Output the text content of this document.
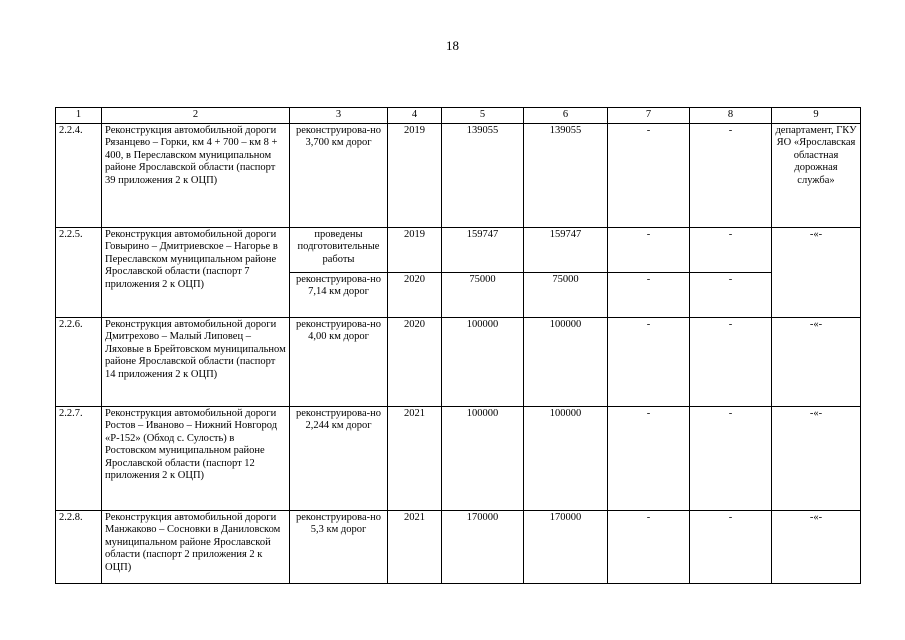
18
1	2	3	4	5	6	7	8	9
2.2.4.	Реконструкция автомобильной дороги Рязанцево – Горки, км 4 + 700 – км 8 + 400, в Переславском муниципальном районе Ярославской области (паспорт 39 приложения 2 к ОЦП)	реконструирова-но 3,700 км дорог	2019	139055	139055	-	-	департамент, ГКУ ЯО «Ярославская областная дорожная служба»
2.2.5.	Реконструкция автомобильной дороги Говырино – Дмитриевское – Нагорье в Переславском муниципальном районе Ярославской области (паспорт 7 приложения 2 к ОЦП)	проведены подготовительные работы	2019	159747	159747	-	-	-«-
		реконструирова-но 7,14 км дорог	2020	75000	75000	-	-	
2.2.6.	Реконструкция автомобильной дороги Дмитрехово – Малый Липовец – Ляховые в Брейтовском муниципальном районе Ярославской области (паспорт 14 приложения 2 к ОЦП)	реконструирова-но 4,00 км дорог	2020	100000	100000	-	-	-«-
2.2.7.	Реконструкция автомобильной дороги Ростов – Иваново – Нижний Новгород «Р-152» (Обход с. Сулость) в Ростовском муниципальном районе Ярославской области (паспорт 12 приложения 2 к ОЦП)	реконструирова-но 2,244 км дорог	2021	100000	100000	-	-	-«-
2.2.8.	Реконструкция автомобильной дороги Манжаково – Сосновки в Даниловском муниципальном районе Ярославской области (паспорт 2 приложения 2 к ОЦП)	реконструирова-но 5,3 км дорог	2021	170000	170000	-	-	-«-
